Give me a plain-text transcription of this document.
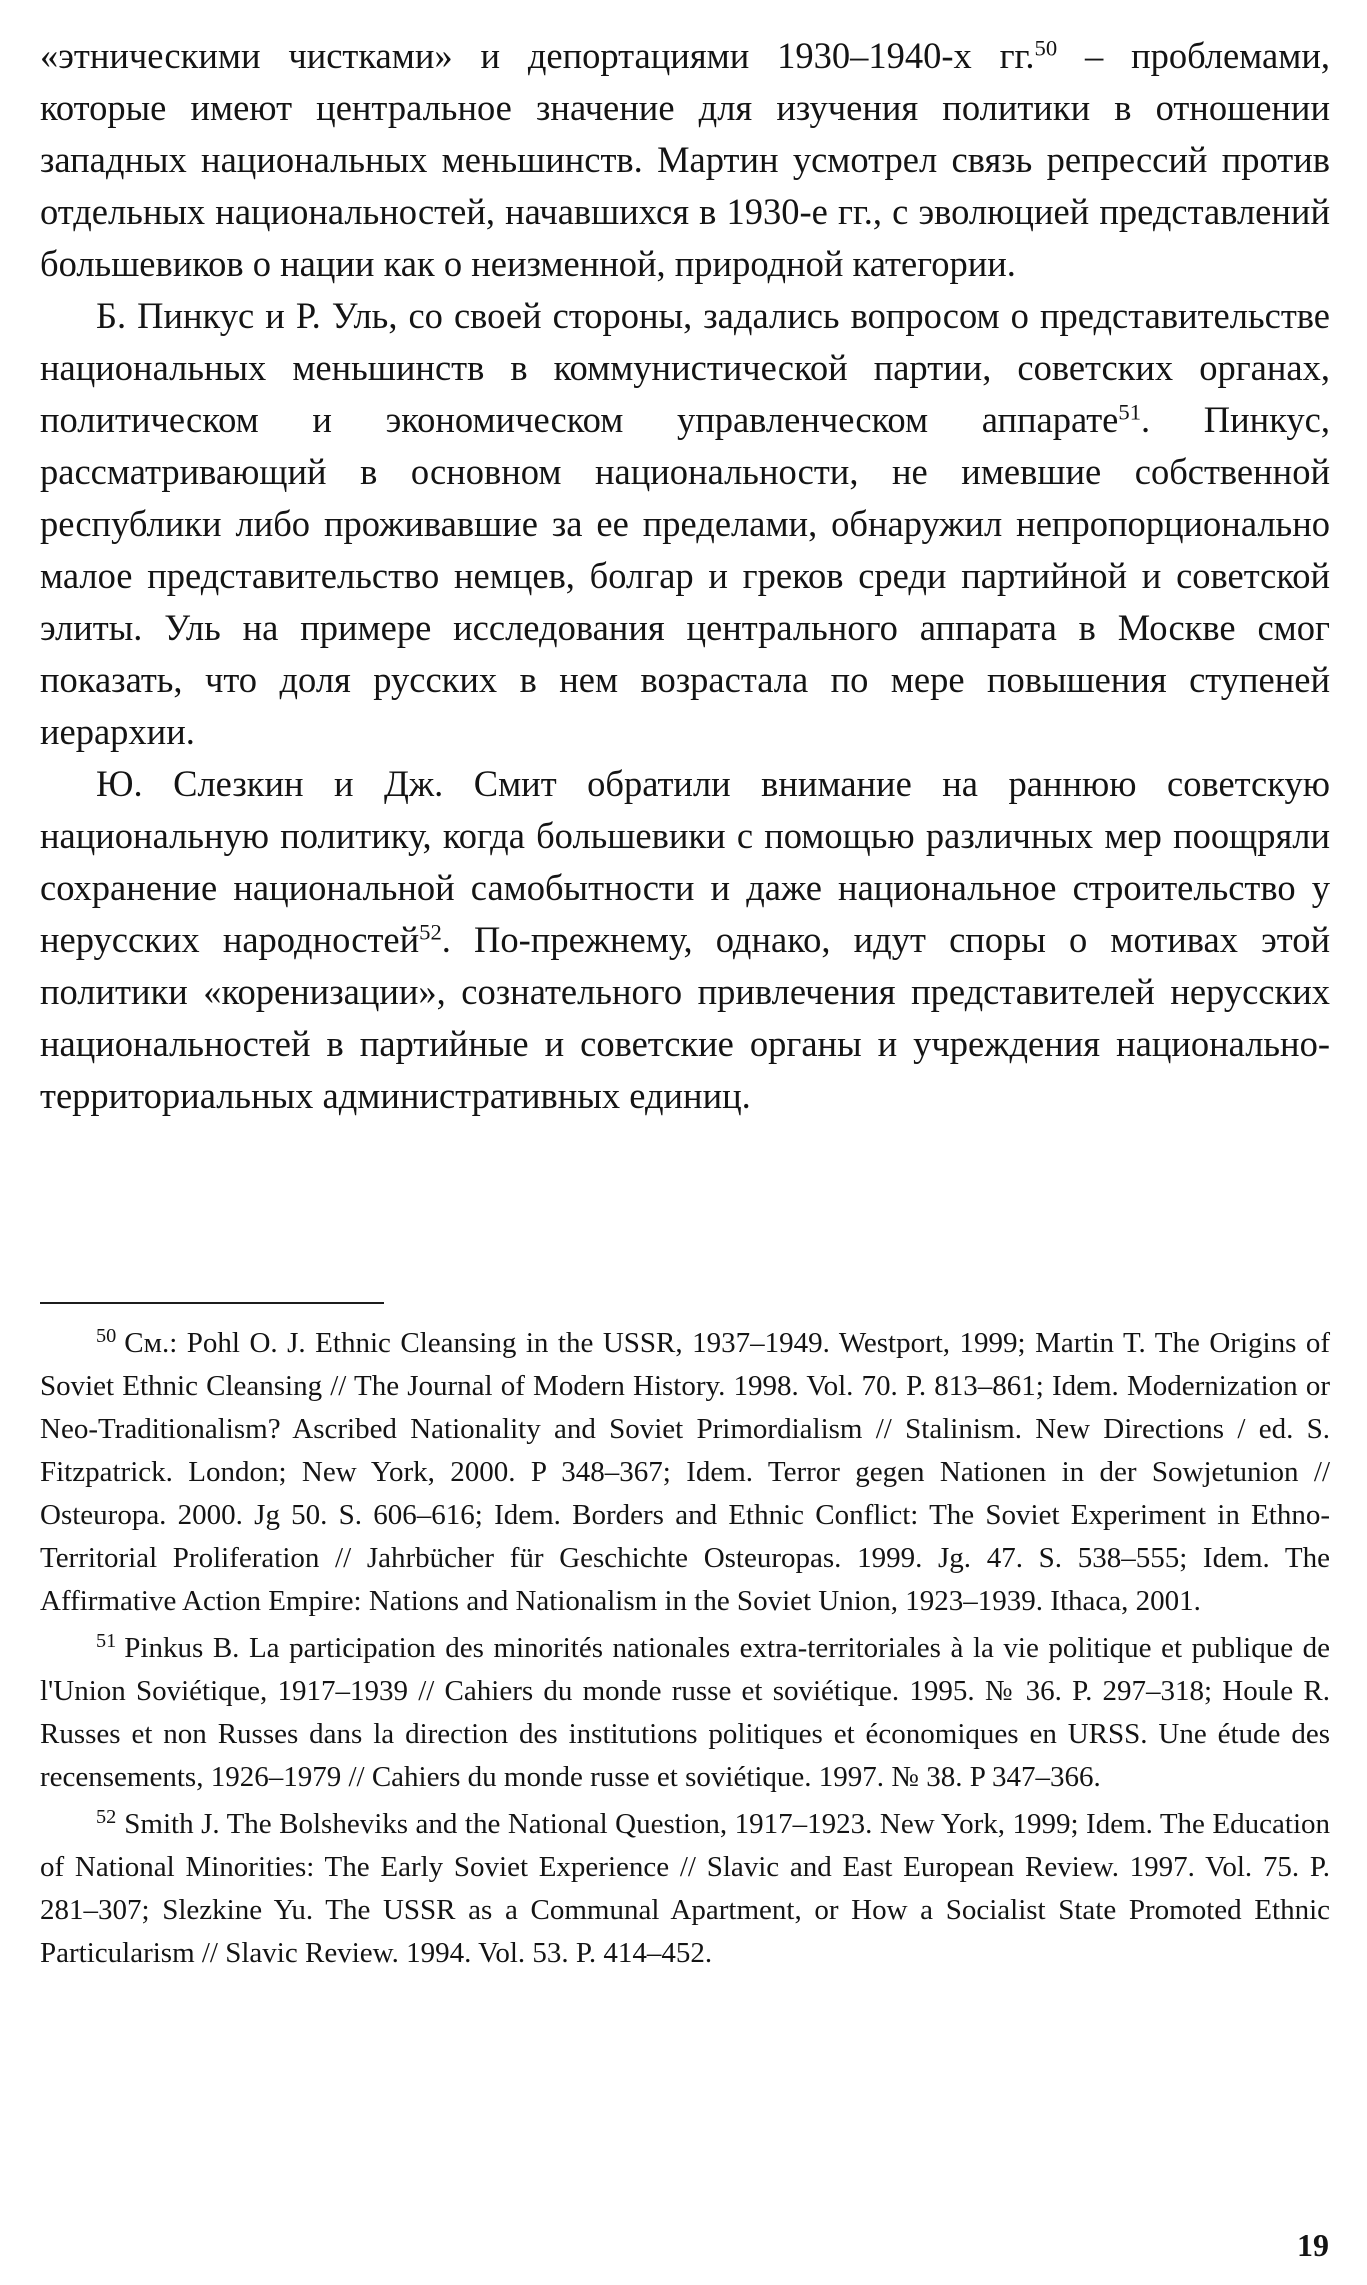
«этническими чистками» и депортациями 1930–1940-х гг.$^{50}$ – проблемами, которые имеют центральное значение для изучения политики в отношении западных национальных меньшинств. Мартин усмотрел связь репрессий против отдельных национальностей, начавшихся в 1930-е гг., с эволюцией представлений большевиков о нации как о неизменной, природной категории.

Б. Пинкус и Р. Уль, со своей стороны, задались вопросом о представительстве национальных меньшинств в коммунистической партии, советских органах, политическом и экономическом управленческом аппарате$^{51}$. Пинкус, рассматривающий в основном национальности, не имевшие собственной республики либо проживавшие за ее пределами, обнаружил непропорционально малое представительство немцев, болгар и греков среди партийной и советской элиты. Уль на примере исследования центрального аппарата в Москве смог показать, что доля русских в нем возрастала по мере повышения ступеней иерархии.

Ю. Слезкин и Дж. Смит обратили внимание на раннюю советскую национальную политику, когда большевики с помощью различных мер поощряли сохранение национальной самобытности и даже национальное строительство у нерусских народностей$^{52}$. По-прежнему, однако, идут споры о мотивах этой политики «коренизации», сознательного привлечения представителей нерусских национальностей в партийные и советские органы и учреждения национально-территориальных административных единиц.

$^{50}$ См.: Pohl O. J. Ethnic Cleansing in the USSR, 1937–1949. Westport, 1999; Martin T. The Origins of Soviet Ethnic Cleansing // The Journal of Modern History. 1998. Vol. 70. P. 813–861; Idem. Modernization or Neo-Traditionalism? Ascribed Nationality and Soviet Primordialism // Stalinism. New Directions / ed. S. Fitzpatrick. London; New York, 2000. P 348–367; Idem. Terror gegen Nationen in der Sowjetunion // Osteuropa. 2000. Jg 50. S. 606–616; Idem. Borders and Ethnic Conflict: The Soviet Experiment in Ethno-Territorial Proliferation // Jahrbücher für Geschichte Osteuropas. 1999. Jg. 47. S. 538–555; Idem. The Affirmative Action Empire: Nations and Nationalism in the Soviet Union, 1923–1939. Ithaca, 2001.

$^{51}$ Pinkus B. La participation des minorités nationales extra-territoriales à la vie politique et publique de l'Union Soviétique, 1917–1939 // Cahiers du monde russe et soviétique. 1995. № 36. P. 297–318; Houle R. Russes et non Russes dans la direction des institutions politiques et économiques en URSS. Une étude des recensements, 1926–1979 // Cahiers du monde russe et soviétique. 1997. № 38. P 347–366.

$^{52}$ Smith J. The Bolsheviks and the National Question, 1917–1923. New York, 1999; Idem. The Education of National Minorities: The Early Soviet Experience // Slavic and East European Review. 1997. Vol. 75. P. 281–307; Slezkine Yu. The USSR as a Communal Apartment, or How a Socialist State Promoted Ethnic Particularism // Slavic Review. 1994. Vol. 53. P. 414–452.

19
